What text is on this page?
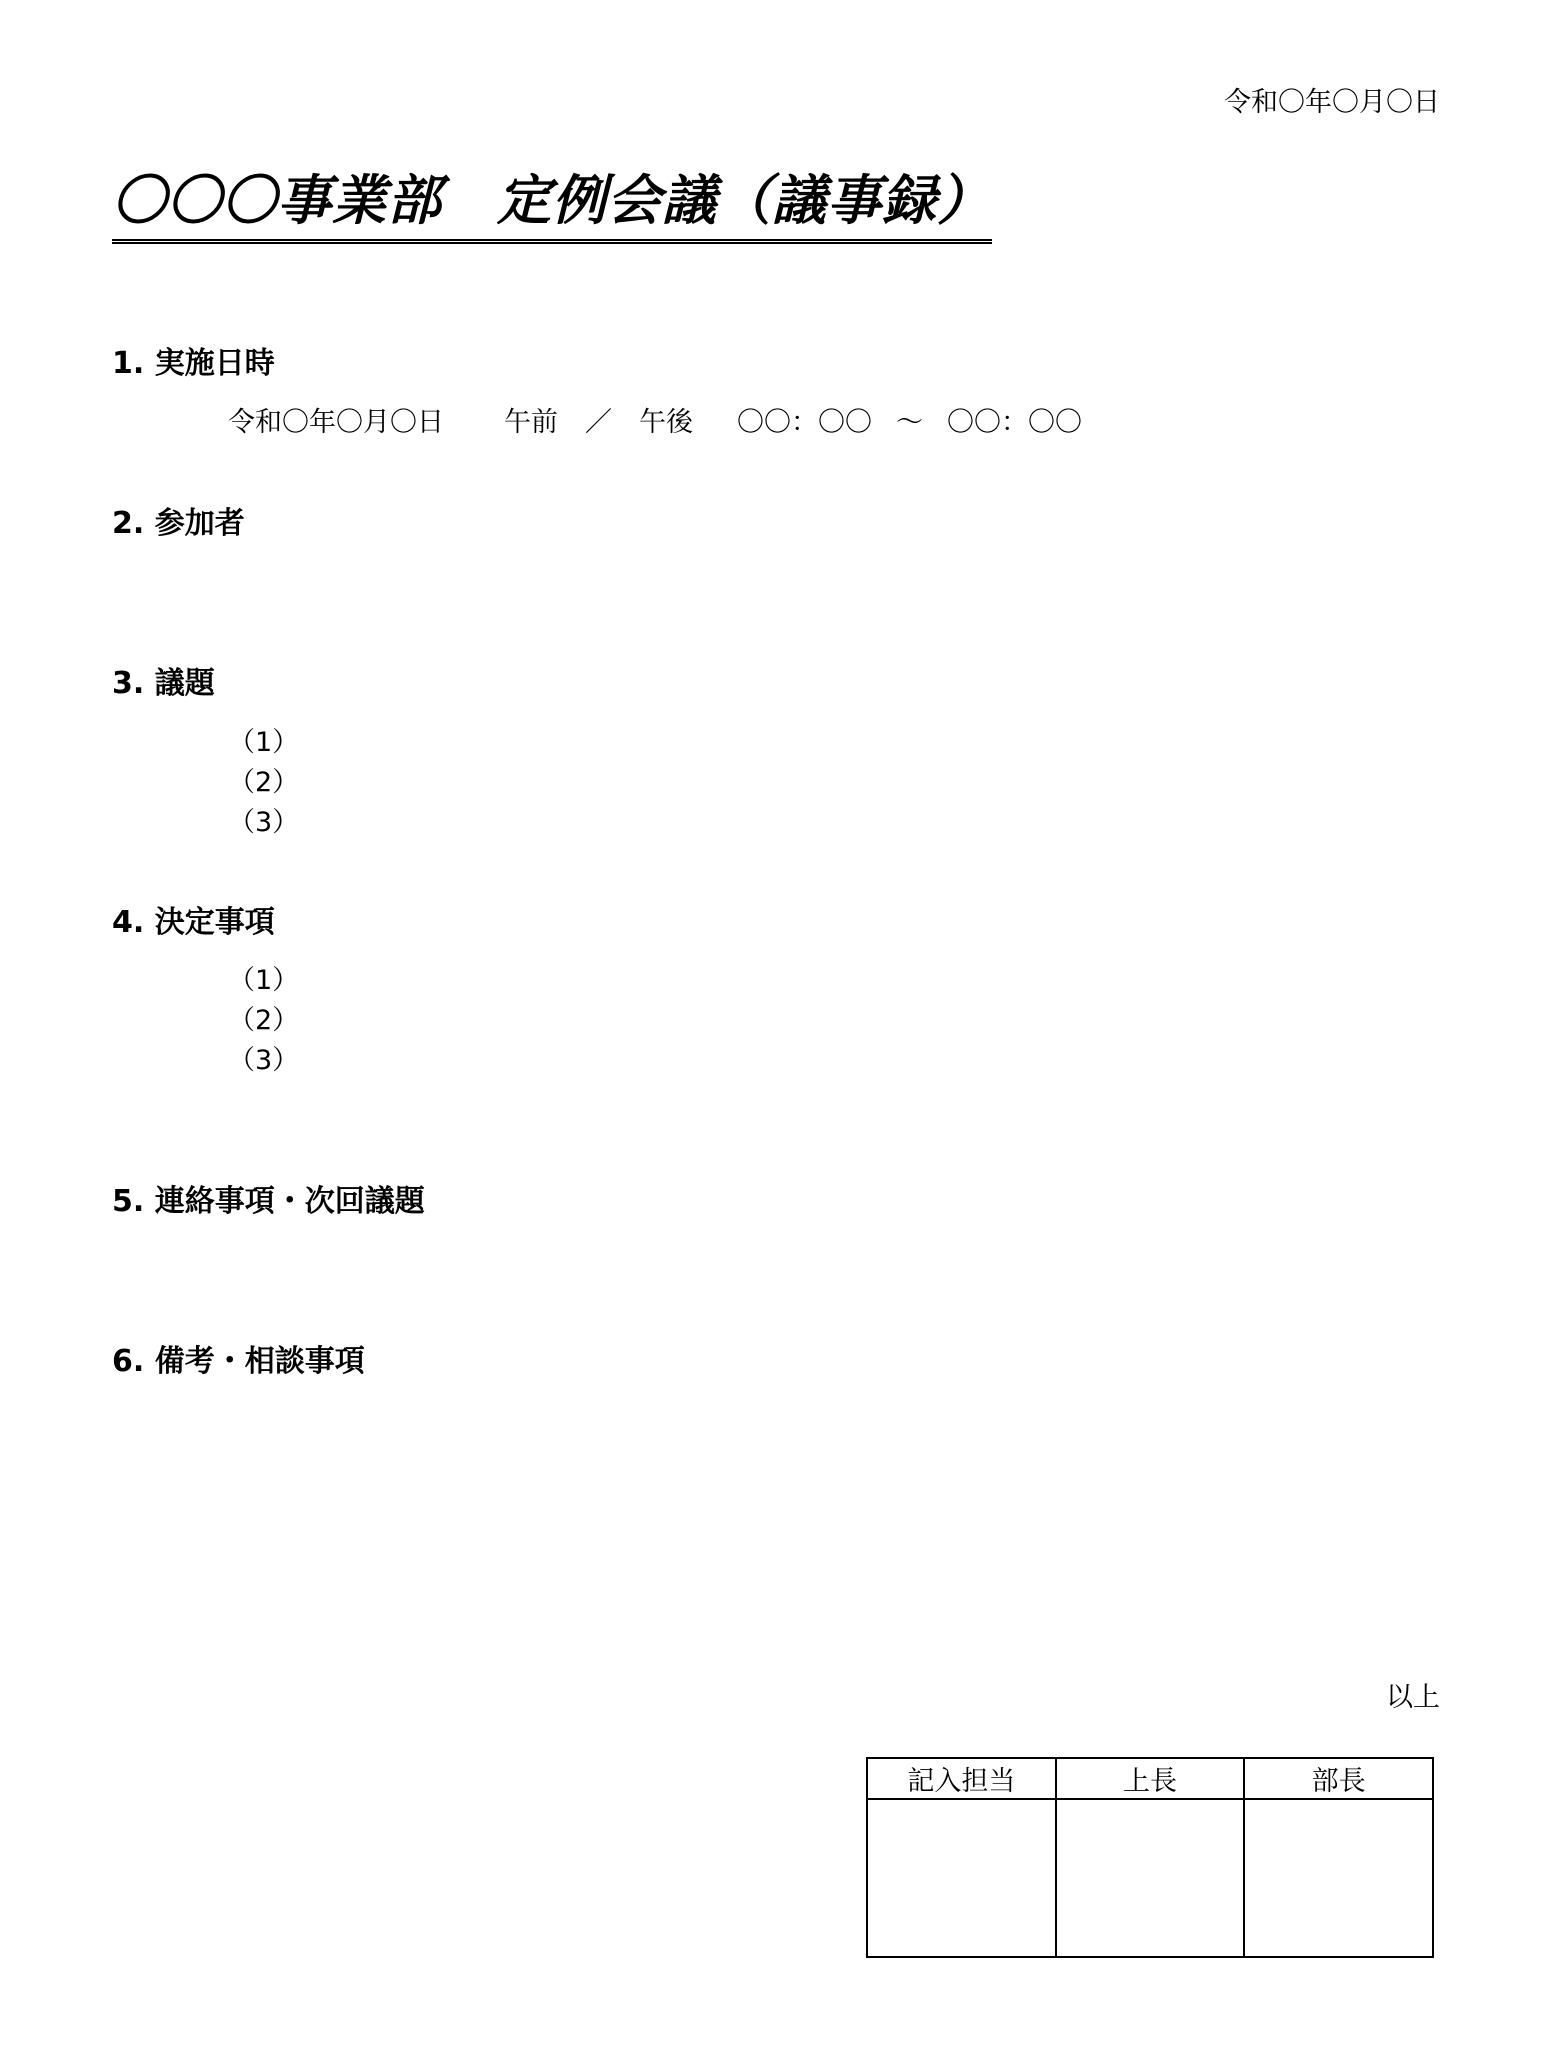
令和〇年〇月〇日
〇〇〇事業部　定例会議（議事録）
1. 実施日時
令和〇年〇月〇日 午前　／　午後 〇〇：〇〇 ～ 〇〇：〇〇
2. 参加者
3. 議題
（1）
（2）
（3）
4. 決定事項
（1）
（2）
（3）
5. 連絡事項・次回議題
6. 備考・相談事項
以上
記入担当	上長	部長
